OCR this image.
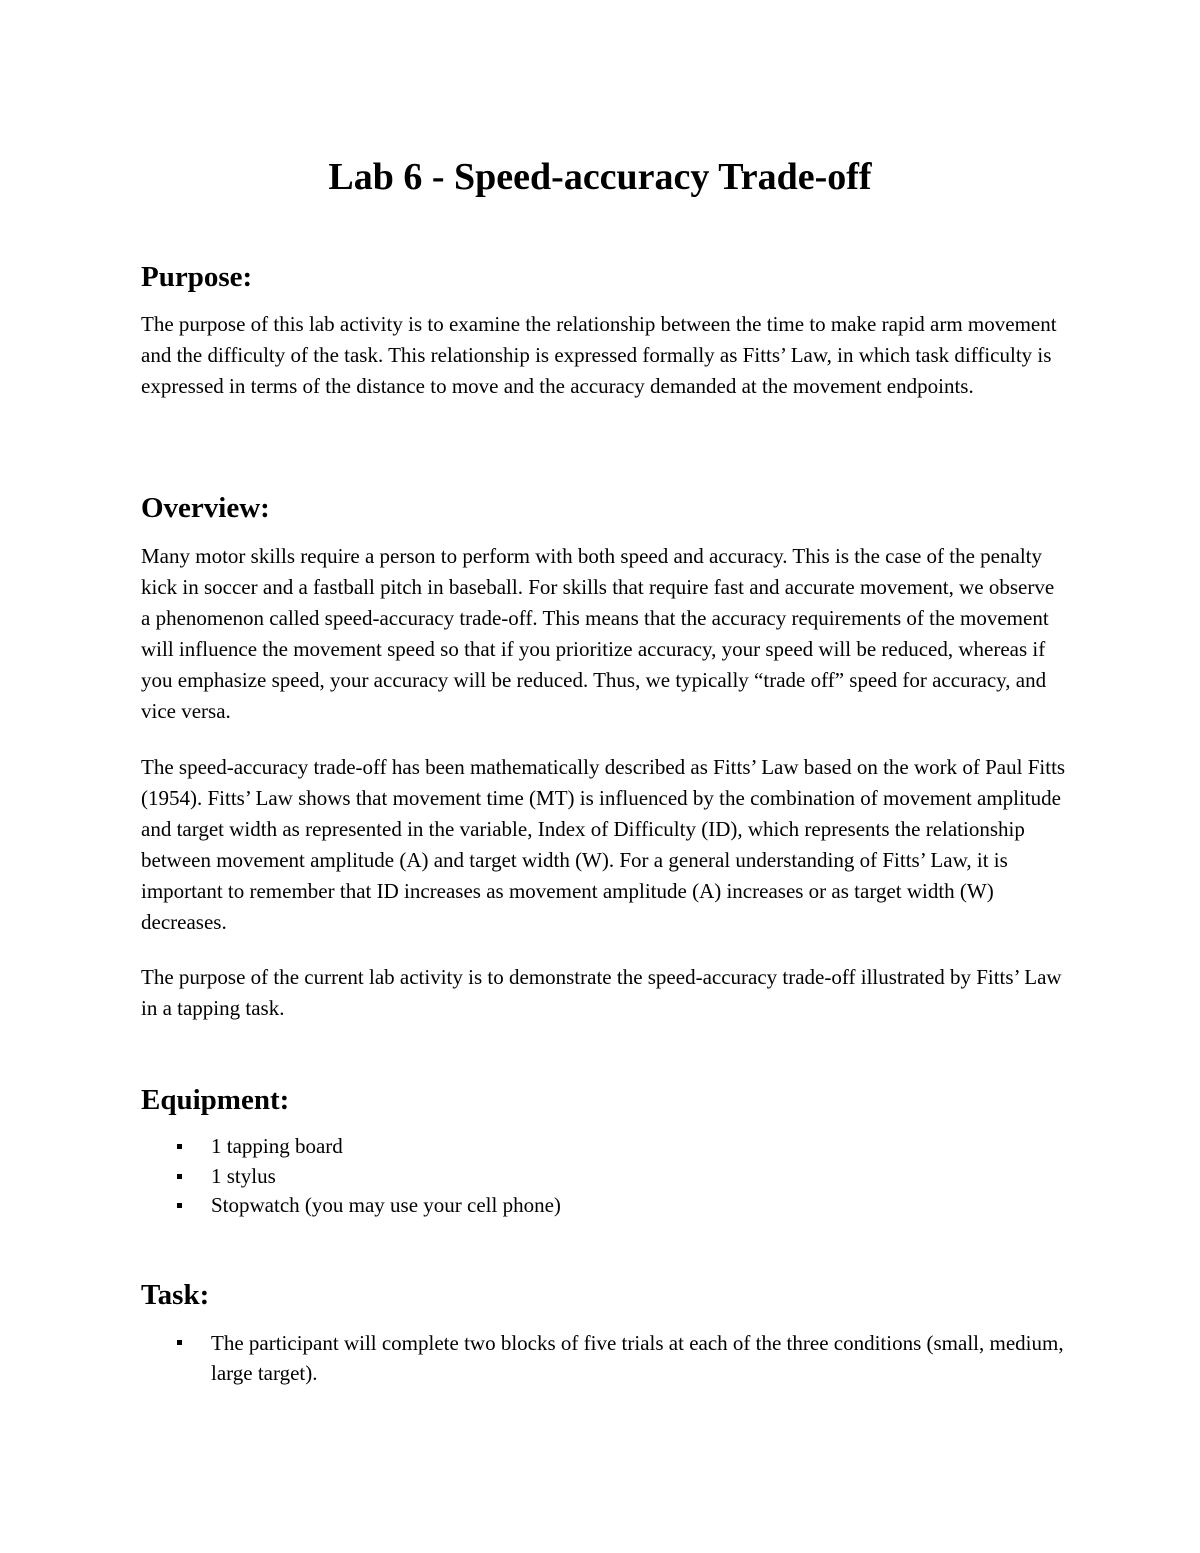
Lab 6 - Speed-accuracy Trade-off
Purpose:

The purpose of this lab activity is to examine the relationship between the time to make rapid arm movement and the difficulty of the task. This relationship is expressed formally as Fitts’ Law, in which task difficulty is expressed in terms of the distance to move and the accuracy demanded at the movement endpoints.

Overview:

Many motor skills require a person to perform with both speed and accuracy. This is the case of the penalty kick in soccer and a fastball pitch in baseball. For skills that require fast and accurate movement, we observe a phenomenon called speed-accuracy trade-off. This means that the accuracy requirements of the movement will influence the movement speed so that if you prioritize accuracy, your speed will be reduced, whereas if you emphasize speed, your accuracy will be reduced. Thus, we typically “trade off” speed for accuracy, and vice versa.

The speed-accuracy trade-off has been mathematically described as Fitts’ Law based on the work of Paul Fitts (1954). Fitts’ Law shows that movement time (MT) is influenced by the combination of movement amplitude and target width as represented in the variable, Index of Difficulty (ID), which represents the relationship between movement amplitude (A) and target width (W). For a general understanding of Fitts’ Law, it is important to remember that ID increases as movement amplitude (A) increases or as target width (W) decreases.

The purpose of the current lab activity is to demonstrate the speed-accuracy trade-off illustrated by Fitts’ Law in a tapping task.

Equipment:
1 tapping board
1 stylus
Stopwatch (you may use your cell phone)
Task:
The participant will complete two blocks of five trials at each of the three conditions (small, medium, large target).
